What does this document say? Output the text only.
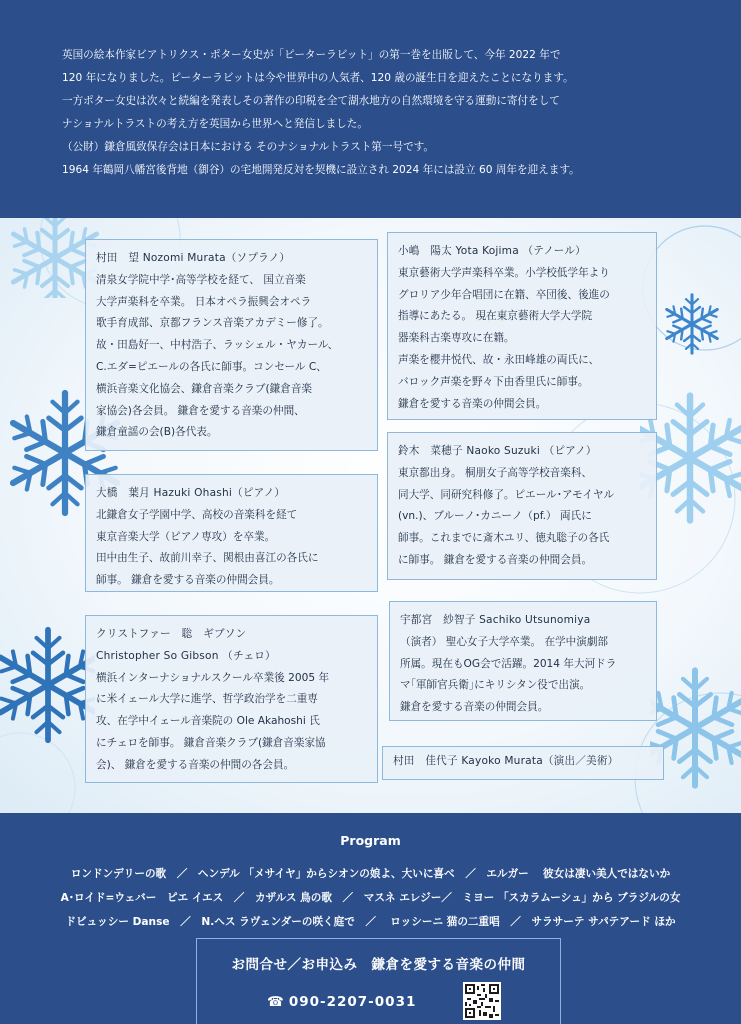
英国の絵本作家ビアトリクス・ポター女史が「ピーターラビット」の第一巻を出版して、今年 2022 年で
120 年になりました。ピーターラビットは今や世界中の人気者、120 歳の誕生日を迎えたことになります。
一方ポター女史は次々と続編を発表しその著作の印税を全て湖水地方の自然環境を守る運動に寄付をして
ナショナルトラストの考え方を英国から世界へと発信しました。
（公財）鎌倉風致保存会は日本における そのナショナルトラスト第一号です。
1964 年鶴岡八幡宮後背地（御谷）の宅地開発反対を契機に設立され 2024 年には設立 60 周年を迎えます。
村田　望 Nozomi Murata（ソプラノ）
清泉女学院中学･高等学校を経て、 国立音楽
大学声楽科を卒業。 日本オペラ振興会オペラ
歌手育成部、京都フランス音楽アカデミー修了。
故・田島好一、中村浩子、ラッシェル・ヤカール、
C.エダ=ピエールの各氏に師事。コンセール C、
横浜音楽文化協会、鎌倉音楽クラブ(鎌倉音楽
家協会)各会員。 鎌倉を愛する音楽の仲間、
鎌倉童謡の会(B)各代表。
小嶋　陽太 Yota Kojima （テノール）
東京藝術大学声楽科卒業。小学校低学年より
グロリア少年合唱団に在籍、卒団後、後進の
指導にあたる。 現在東京藝術大学大学院
器楽科古楽専攻に在籍。
声楽を櫻井悦代、故・永田峰雄の両氏に、
バロック声楽を野々下由香里氏に師事。
鎌倉を愛する音楽の仲間会員。
大橋　葉月 Hazuki Ohashi（ピアノ）
北鎌倉女子学園中学、高校の音楽科を経て
東京音楽大学（ピアノ専攻）を卒業。
田中由生子、故前川幸子、関根由喜江の各氏に
師事。 鎌倉を愛する音楽の仲間会員。
鈴木　菜穂子 Naoko Suzuki （ピアノ）
東京都出身。 桐朋女子高等学校音楽科、
同大学、同研究科修了。ピエール･アモイヤル
(vn.)、ブルーノ･カニーノ（pf.） 両氏に
師事。これまでに斎木ユリ、徳丸聡子の各氏
に師事。 鎌倉を愛する音楽の仲間会員。
クリストファー　聡　ギブソン
Christopher So Gibson （チェロ）
横浜インターナショナルスクール卒業後 2005 年
に米イェール大学に進学、哲学政治学を二重専
攻、在学中イェール音楽院の Ole Akahoshi 氏
にチェロを師事。 鎌倉音楽クラブ(鎌倉音楽家協
会)、 鎌倉を愛する音楽の仲間の各会員。
宇都宮　紗智子 Sachiko Utsunomiya
（演者） 聖心女子大学卒業。 在学中演劇部
所属。現在もOG会で活躍。2014 年大河ドラ
マ｢軍師官兵衛｣にキリシタン役で出演。
鎌倉を愛する音楽の仲間会員。
村田　佳代子 Kayoko Murata（演出／美術）
Program
ロンドンデリーの歌　／　ヘンデル 「メサイヤ」からシオンの娘よ、大いに喜べ　／　エルガー　 彼女は凄い美人ではないか
A･ロイド=ウェバー　ピエ イエス　／　カザルス 鳥の歌　／　マスネ エレジー／　ミヨー 「スカラムーシュ」から ブラジルの女
ドビュッシー Danse　／　N.ヘス ラヴェンダーの咲く庭で　／　 ロッシーニ 猫の二重唱　／　サラサーテ サパテアード ほか
お問合せ／お申込み　鎌倉を愛する音楽の仲間
☎ 090-2207-0031
